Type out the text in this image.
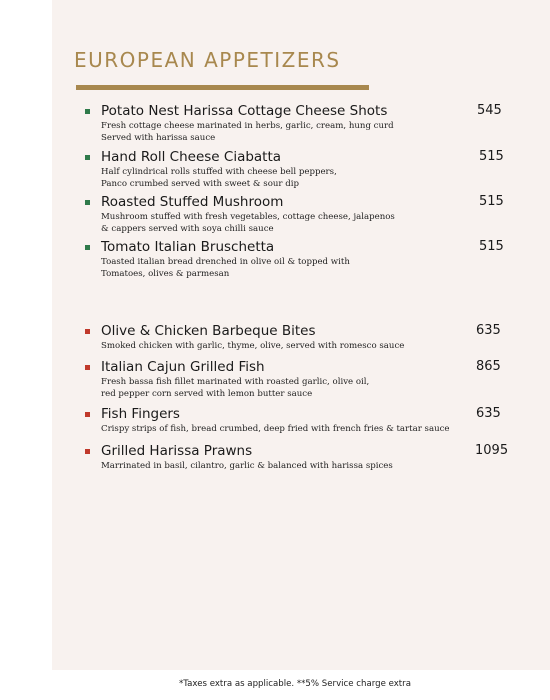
EUROPEAN APPETIZERS
Potato Nest Harissa Cottage Cheese Shots	545
Fresh cottage cheese marinated in herbs, garlic, cream, hung curd
Served with harissa sauce
Hand Roll Cheese Ciabatta	515
Half cylindrical rolls stuffed with cheese bell peppers,
Panco crumbed served with sweet & sour dip
Roasted Stuffed Mushroom	515
Mushroom stuffed with fresh vegetables, cottage cheese, jalapenos
& cappers served with soya chilli sauce
Tomato Italian Bruschetta	515
Toasted italian bread drenched in olive oil & topped with
Tomatoes, olives & parmesan
Olive & Chicken Barbeque Bites	635
Smoked chicken with garlic, thyme, olive, served with romesco sauce
Italian Cajun Grilled Fish	865
Fresh bassa fish fillet marinated with roasted garlic, olive oil,
red pepper corn served with lemon butter sauce
Fish Fingers	635
Crispy strips of fish, bread crumbed, deep fried with french fries & tartar sauce
Grilled Harissa Prawns	1095
Marrinated in basil, cilantro, garlic & balanced with harissa spices
*Taxes extra as applicable. **5% Service charge extra
